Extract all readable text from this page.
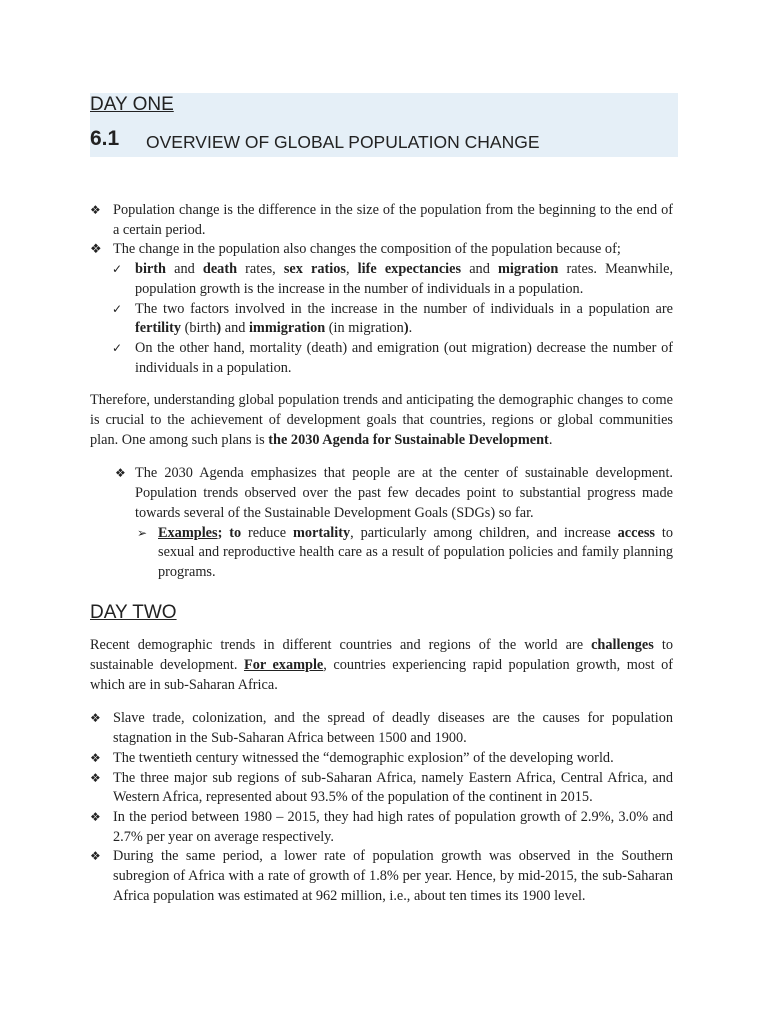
DAY ONE
6.1 OVERVIEW OF GLOBAL POPULATION CHANGE
❖ Population change is the difference in the size of the population from the beginning to the end of a certain period.
❖ The change in the population also changes the composition of the population because of;
✓ birth and death rates, sex ratios, life expectancies and migration rates. Meanwhile, population growth is the increase in the number of individuals in a population.
✓ The two factors involved in the increase in the number of individuals in a population are fertility (birth) and immigration (in migration).
✓ On the other hand, mortality (death) and emigration (out migration) decrease the number of individuals in a population.

Therefore, understanding global population trends and anticipating the demographic changes to come is crucial to the achievement of development goals that countries, regions or global communities plan. One among such plans is the 2030 Agenda for Sustainable Development.

❖ The 2030 Agenda emphasizes that people are at the center of sustainable development. Population trends observed over the past few decades point to substantial progress made towards several of the Sustainable Development Goals (SDGs) so far.
➢ Examples; to reduce mortality, particularly among children, and increase access to sexual and reproductive health care as a result of population policies and family planning programs.
DAY TWO

Recent demographic trends in different countries and regions of the world are challenges to sustainable development. For example, countries experiencing rapid population growth, most of which are in sub-Saharan Africa.

❖ Slave trade, colonization, and the spread of deadly diseases are the causes for population stagnation in the Sub-Saharan Africa between 1500 and 1900.
❖ The twentieth century witnessed the “demographic explosion” of the developing world.
❖ The three major sub regions of sub-Saharan Africa, namely Eastern Africa, Central Africa, and Western Africa, represented about 93.5% of the population of the continent in 2015.
❖ In the period between 1980 – 2015, they had high rates of population growth of 2.9%, 3.0% and 2.7% per year on average respectively.
❖ During the same period, a lower rate of population growth was observed in the Southern subregion of Africa with a rate of growth of 1.8% per year. Hence, by mid-2015, the sub-Saharan Africa population was estimated at 962 million, i.e., about ten times its 1900 level.
